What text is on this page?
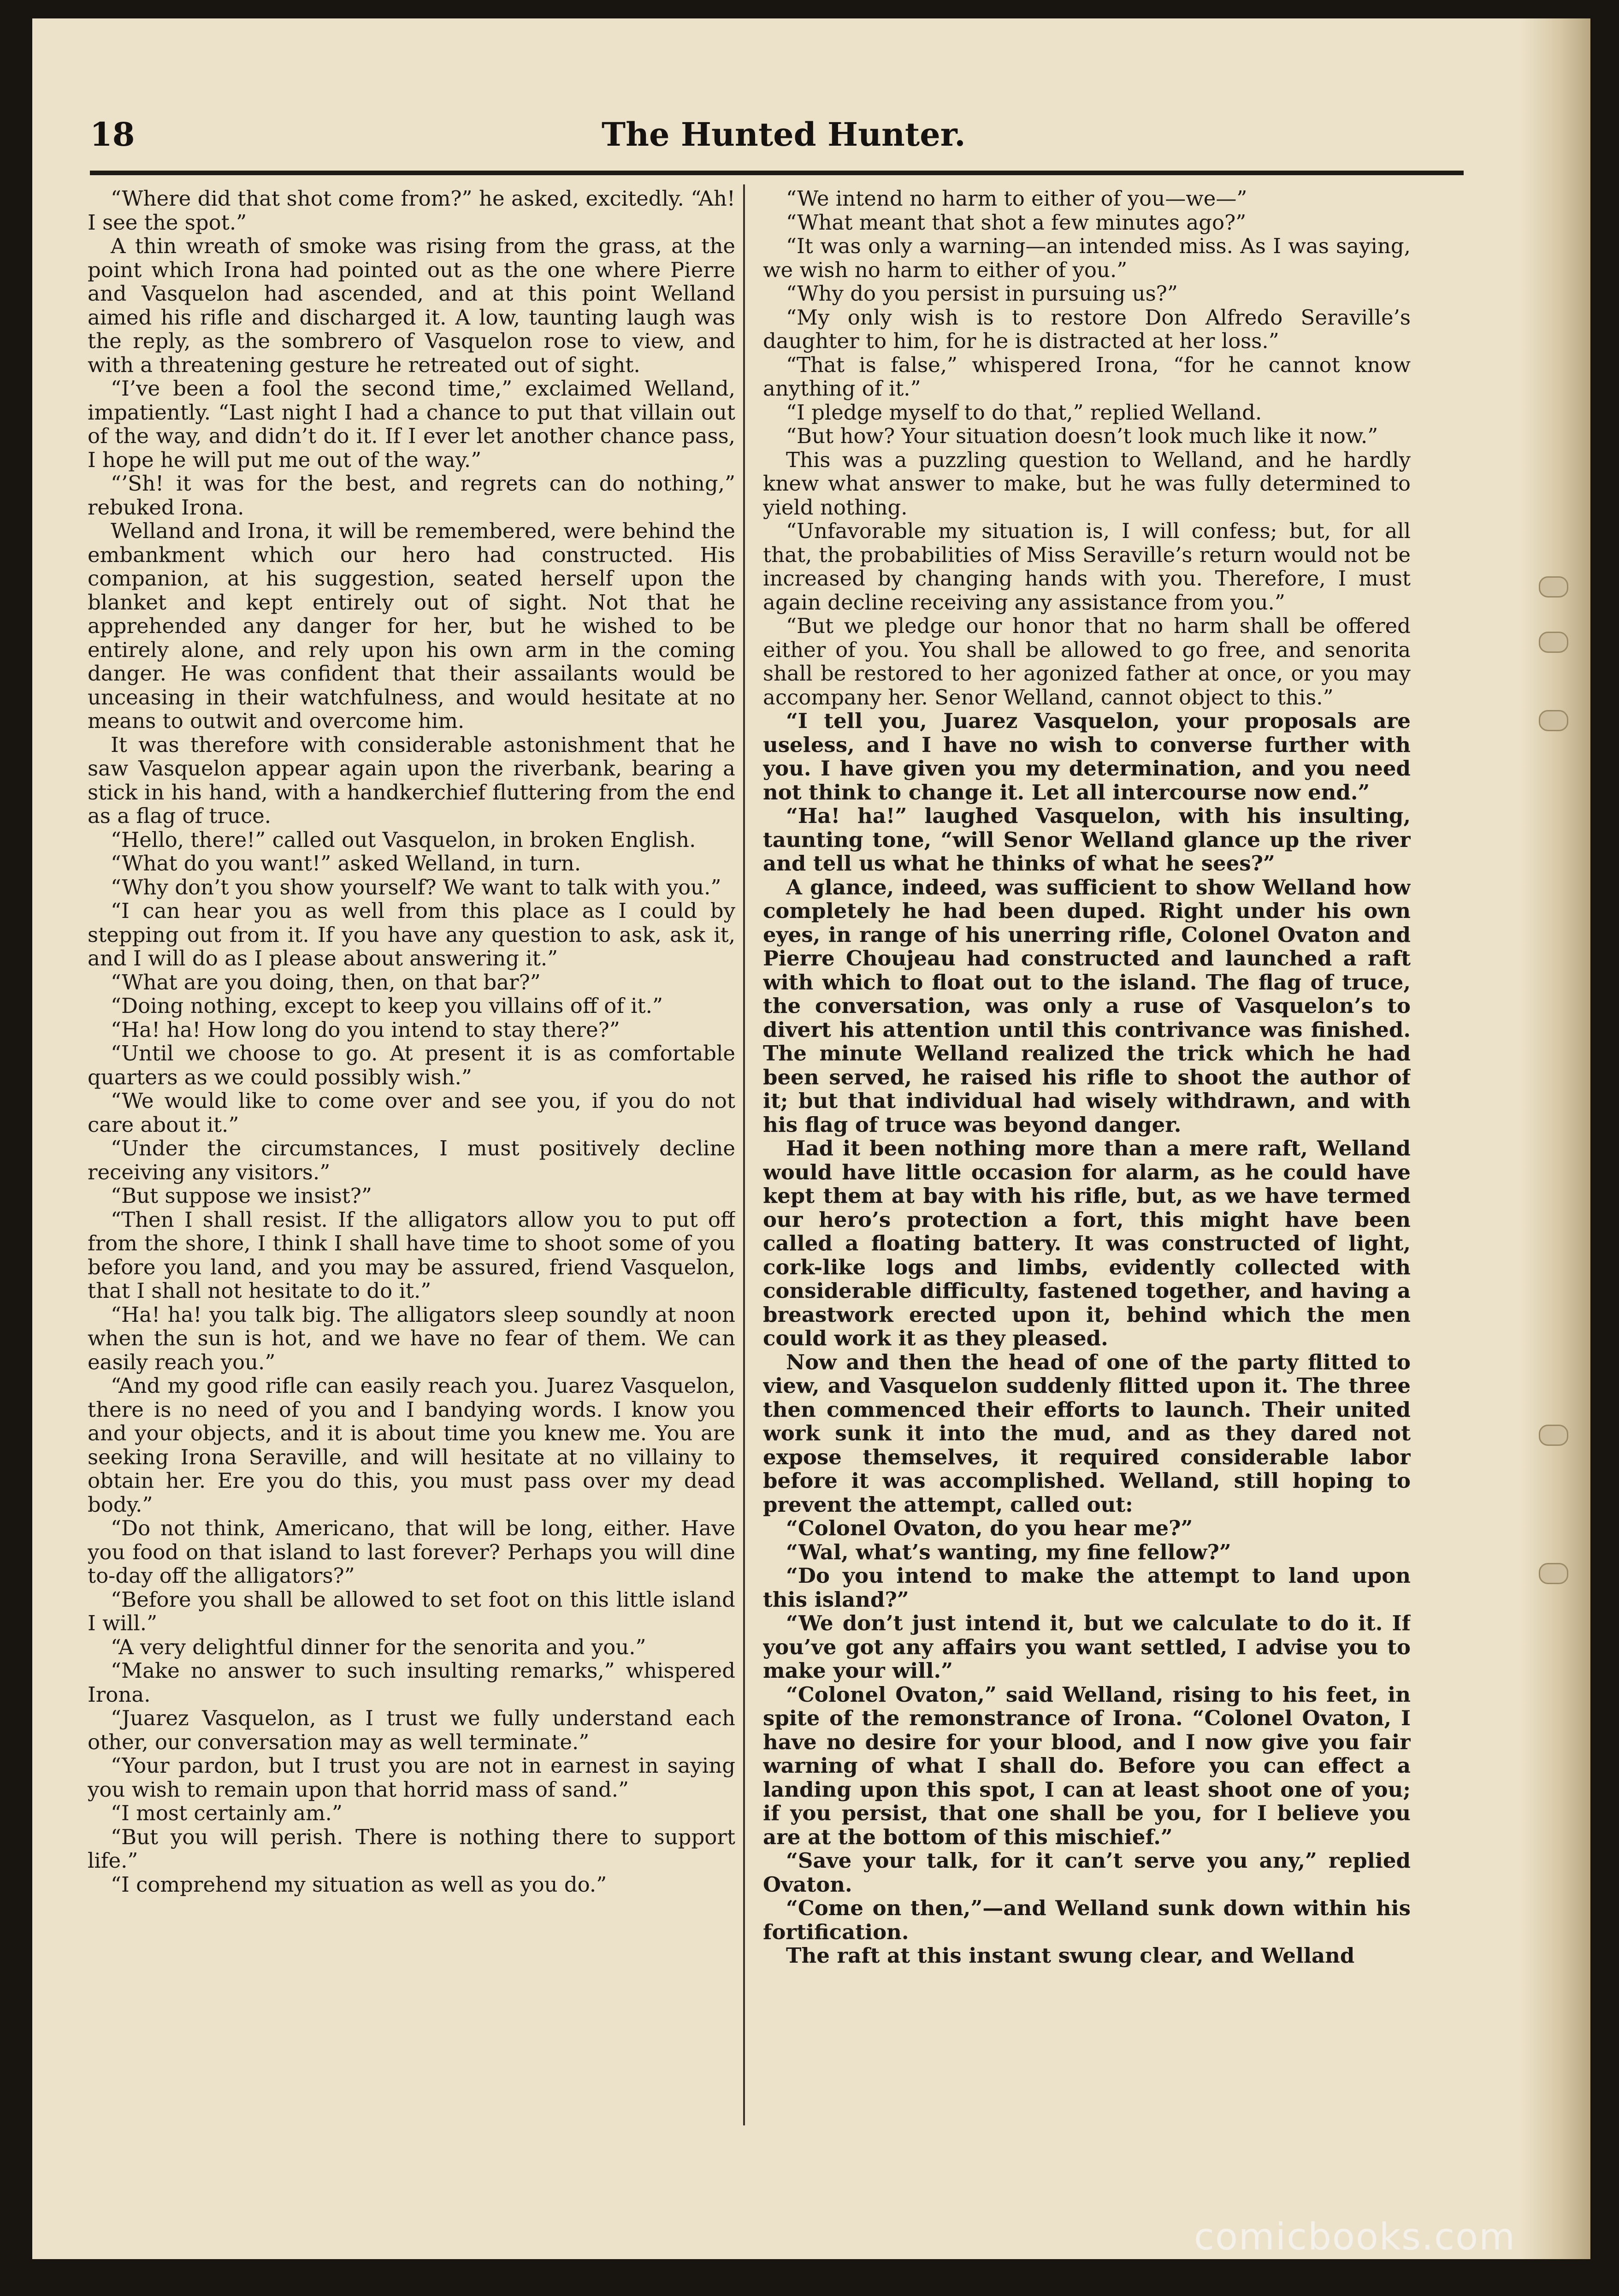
18	The Hunted Hunter.

“Where did that shot come from?” he asked, excitedly. “Ah! I see the spot.”

A thin wreath of smoke was rising from the grass, at the point which Irona had pointed out as the one where Pierre and Vasquelon had ascended, and at this point Welland aimed his rifle and discharged it. A low, taunting laugh was the reply, as the sombrero of Vasquelon rose to view, and with a threatening gesture he retreated out of sight.

“I’ve been a fool the second time,” exclaimed Welland, impatiently. “Last night I had a chance to put that villain out of the way, and didn’t do it. If I ever let another chance pass, I hope he will put me out of the way.”

“’Sh! it was for the best, and regrets can do nothing,” rebuked Irona.

Welland and Irona, it will be remembered, were behind the embankment which our hero had constructed. His companion, at his suggestion, seated herself upon the blanket and kept entirely out of sight. Not that he apprehended any danger for her, but he wished to be entirely alone, and rely upon his own arm in the coming danger. He was confident that their assailants would be unceasing in their watchfulness, and would hesitate at no means to outwit and overcome him.

It was therefore with considerable astonishment that he saw Vasquelon appear again upon the riverbank, bearing a stick in his hand, with a handkerchief fluttering from the end as a flag of truce.

“Hello, there!” called out Vasquelon, in broken English.

“What do you want!” asked Welland, in turn.

“Why don’t you show yourself? We want to talk with you.”

“I can hear you as well from this place as I could by stepping out from it. If you have any question to ask, ask it, and I will do as I please about answering it.”

“What are you doing, then, on that bar?”

“Doing nothing, except to keep you villains off of it.”

“Ha! ha! How long do you intend to stay there?”

“Until we choose to go. At present it is as comfortable quarters as we could possibly wish.”

“We would like to come over and see you, if you do not care about it.”

“Under the circumstances, I must positively decline receiving any visitors.”

“But suppose we insist?”

“Then I shall resist. If the alligators allow you to put off from the shore, I think I shall have time to shoot some of you before you land, and you may be assured, friend Vasquelon, that I shall not hesitate to do it.”

“Ha! ha! you talk big. The alligators sleep soundly at noon when the sun is hot, and we have no fear of them. We can easily reach you.”

“And my good rifle can easily reach you. Juarez Vasquelon, there is no need of you and I bandying words. I know you and your objects, and it is about time you knew me. You are seeking Irona Seraville, and will hesitate at no villainy to obtain her. Ere you do this, you must pass over my dead body.”

“Do not think, Americano, that will be long, either. Have you food on that island to last forever? Perhaps you will dine to-day off the alligators?”

“Before you shall be allowed to set foot on this little island I will.”

“A very delightful dinner for the senorita and you.”

“Make no answer to such insulting remarks,” whispered Irona.

“Juarez Vasquelon, as I trust we fully understand each other, our conversation may as well terminate.”

“Your pardon, but I trust you are not in earnest in saying you wish to remain upon that horrid mass of sand.”

“I most certainly am.”

“But you will perish. There is nothing there to support life.”

“I comprehend my situation as well as you do.”

“We intend no harm to either of you—we—”

“What meant that shot a few minutes ago?”

“It was only a warning—an intended miss. As I was saying, we wish no harm to either of you.”

“Why do you persist in pursuing us?”

“My only wish is to restore Don Alfredo Seraville’s daughter to him, for he is distracted at her loss.”

“That is false,” whispered Irona, “for he cannot know anything of it.”

“I pledge myself to do that,” replied Welland.

“But how? Your situation doesn’t look much like it now.”

This was a puzzling question to Welland, and he hardly knew what answer to make, but he was fully determined to yield nothing.

“Unfavorable my situation is, I will confess; but, for all that, the probabilities of Miss Seraville’s return would not be increased by changing hands with you. Therefore, I must again decline receiving any assistance from you.”

“But we pledge our honor that no harm shall be offered either of you. You shall be allowed to go free, and senorita shall be restored to her agonized father at once, or you may accompany her. Senor Welland, cannot object to this.”

“I tell you, Juarez Vasquelon, your proposals are useless, and I have no wish to converse further with you. I have given you my determination, and you need not think to change it. Let all intercourse now end.”

“Ha! ha!” laughed Vasquelon, with his insulting, taunting tone, “will Senor Welland glance up the river and tell us what he thinks of what he sees?”

A glance, indeed, was sufficient to show Welland how completely he had been duped. Right under his own eyes, in range of his unerring rifle, Colonel Ovaton and Pierre Choujeau had constructed and launched a raft with which to float out to the island. The flag of truce, the conversation, was only a ruse of Vasquelon’s to divert his attention until this contrivance was finished. The minute Welland realized the trick which he had been served, he raised his rifle to shoot the author of it; but that individual had wisely withdrawn, and with his flag of truce was beyond danger.

Had it been nothing more than a mere raft, Welland would have little occasion for alarm, as he could have kept them at bay with his rifle, but, as we have termed our hero’s protection a fort, this might have been called a floating battery. It was constructed of light, cork-like logs and limbs, evidently collected with considerable difficulty, fastened together, and having a breastwork erected upon it, behind which the men could work it as they pleased.

Now and then the head of one of the party flitted to view, and Vasquelon suddenly flitted upon it. The three then commenced their efforts to launch. Their united work sunk it into the mud, and as they dared not expose themselves, it required considerable labor before it was accomplished. Welland, still hoping to prevent the attempt, called out:

“Colonel Ovaton, do you hear me?”

“Wal, what’s wanting, my fine fellow?”

“Do you intend to make the attempt to land upon this island?”

“We don’t just intend it, but we calculate to do it. If you’ve got any affairs you want settled, I advise you to make your will.”

“Colonel Ovaton,” said Welland, rising to his feet, in spite of the remonstrance of Irona. “Colonel Ovaton, I have no desire for your blood, and I now give you fair warning of what I shall do. Before you can effect a landing upon this spot, I can at least shoot one of you; if you persist, that one shall be you, for I believe you are at the bottom of this mischief.”

“Save your talk, for it can’t serve you any,” replied Ovaton.

“Come on then,”—and Welland sunk down within his fortification.

The raft at this instant swung clear, and Welland

comicbooks.com
